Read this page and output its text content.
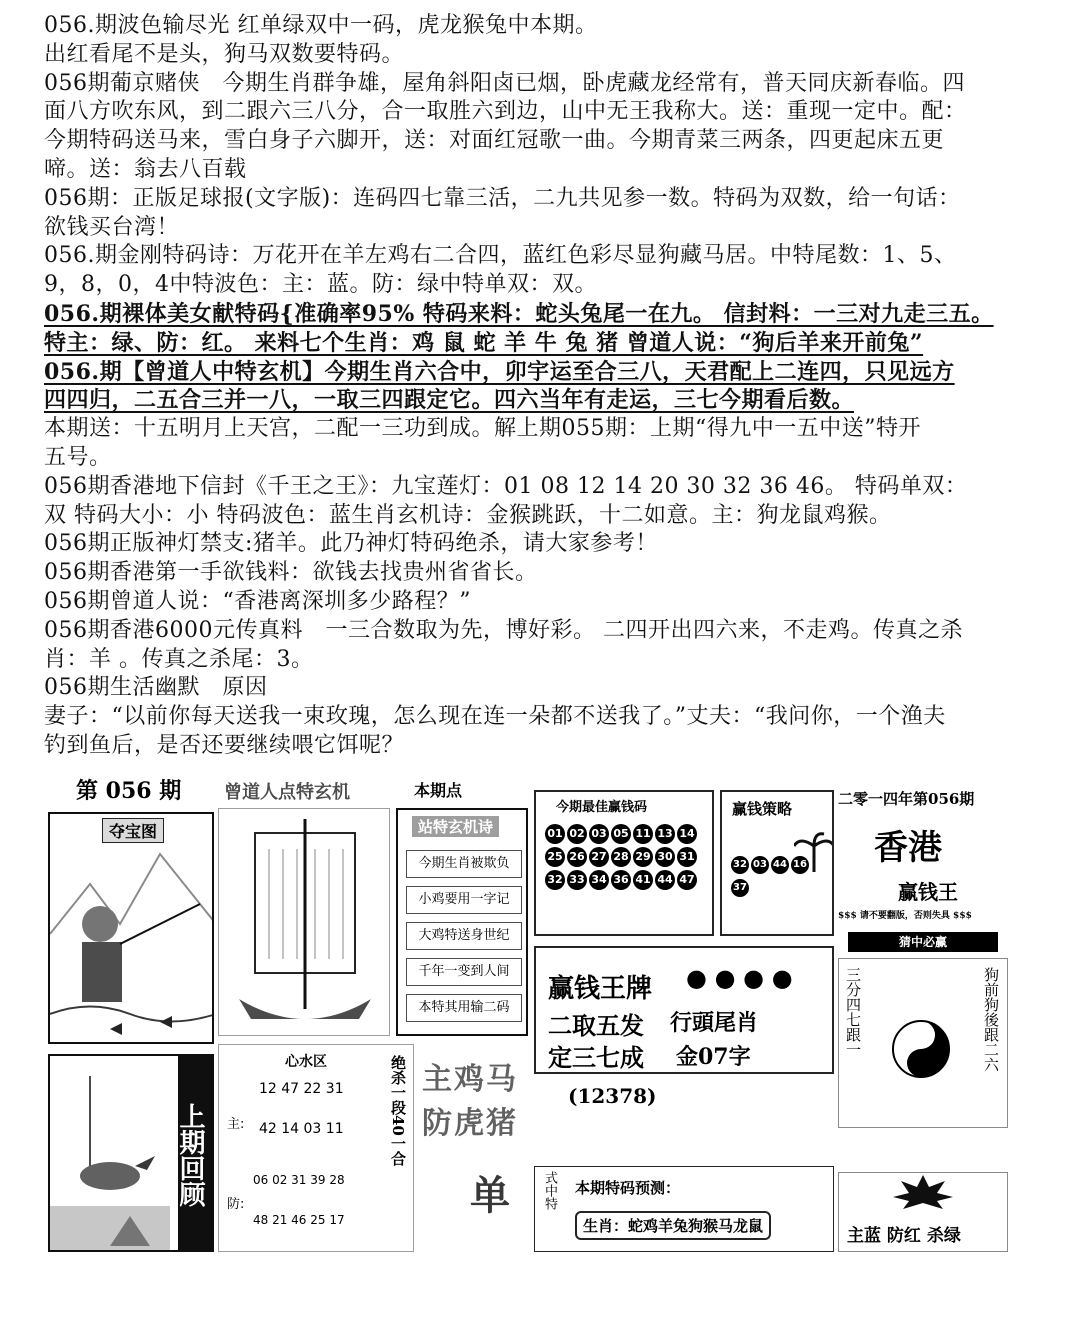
056.期波色输尽光 红单绿双中一码，虎龙猴兔中本期。
出红看尾不是头，狗马双数要特码。
056期葡京赌侠　今期生肖群争雄，屋角斜阳卤已烟，卧虎藏龙经常有，普天同庆新春临。四
面八方吹东风，到二跟六三八分，合一取胜六到边，山中无王我称大。送：重现一定中。配：
今期特码送马来，雪白身子六脚开，送：对面红冠歌一曲。今期青菜三两条，四更起床五更
啼。送：翁去八百载
056期：正版足球报(文字版)：连码四七靠三活，二九共见参一数。特码为双数，给一句话：
欲钱买台湾！
056.期金刚特码诗：万花开在羊左鸡右二合四，蓝红色彩尽显狗藏马居。中特尾数：1、5、
9，8，0，4中特波色：主：蓝。防：绿中特单双：双。
056.期裸体美女献特码{准确率95% 特码来料：蛇头兔尾一在九。 信封料：一三对九走三五。
特主：绿、防：红。 来料七个生肖：鸡 鼠 蛇 羊 牛 兔 猪 曾道人说：“狗后羊来开前兔”
056.期【曾道人中特玄机】今期生肖六合中，卯宇运至合三八，天君配上二连四，只见远方
四四归，二五合三并一八，一取三四跟定它。四六当年有走运，三七今期看后数。
本期送：十五明月上天宫，二配一三功到成。解上期055期：上期“得九中一五中送”特开
五号。
056期香港地下信封《千王之王》：九宝莲灯：01 08 12 14 20 30 32 36 46。 特码单双：
双 特码大小：小 特码波色：蓝生肖玄机诗：金猴跳跃，十二如意。主：狗龙鼠鸡猴。
056期正版神灯禁支:猪羊。此乃神灯特码绝杀，请大家参考！
056期香港第一手欲钱料：欲钱去找贵州省省长。
056期曾道人说：“香港离深圳多少路程？”
056期香港6000元传真料　一三合数取为先，博好彩。 二四开出四六来，不走鸡。传真之杀
肖：羊 。传真之杀尾：3。
056期生活幽默　原因
妻子：“以前你每天送我一束玫瑰，怎么现在连一朵都不送我了。”丈夫：“我问你，一个渔夫
钓到鱼后，是否还要继续喂它饵呢？
第 056 期
夺宝图
上期回顾
曾道人点特玄机	本期点
站特玄机诗
今期生肖被欺负
小鸡要用一字记
大鸡特送身世纪
千年一变到人间
本特其用输二码
心水区
主:
12 47 22 31
42 14 03 11
06 02 31 39 28
防:
48 21 46 25 17
绝杀一段40一合 主鸡马
防虎猪
单
今期最佳赢钱码
01 02 03 05 11 13 1425 26 27 28 29 30 3132 33 34 36 41 44 47
赢钱策略
32 03 44 1637
赢钱王牌
二取五发
定三七成
● ● ● ●
行頭尾肖
金07字
(12378)
式中特 本期特码预测：
生肖：蛇鸡羊兔狗猴马龙鼠
二零一四年第056期
香港
赢钱王
$$$ 请不要翻版，否则失具 $$$
猜中必赢
三分四七跟一	狗前狗後跟二六
主蓝 防红 杀绿
